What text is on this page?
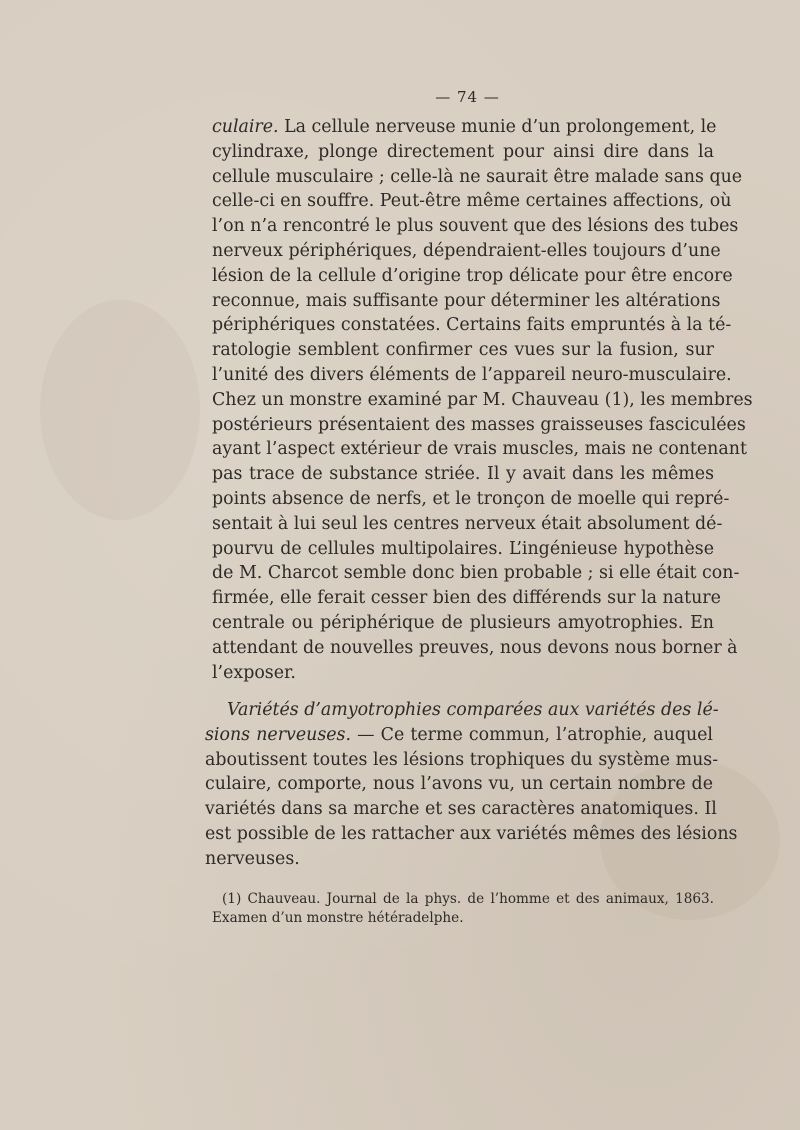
— 74 —
culaire. La cellule nerveuse munie d’un prolongement, le
cylindraxe, plonge directement pour ainsi dire dans la
cellule musculaire ; celle-là ne saurait être malade sans que
celle-ci en souffre. Peut-être même certaines affections, où
l’on n’a rencontré le plus souvent que des lésions des tubes
nerveux périphériques, dépendraient-elles toujours d’une
lésion de la cellule d’origine trop délicate pour être encore
reconnue, mais suffisante pour déterminer les altérations
périphériques constatées. Certains faits empruntés à la té-
ratologie semblent confirmer ces vues sur la fusion, sur
l’unité des divers éléments de l’appareil neuro-musculaire.
Chez un monstre examiné par M. Chauveau (1), les membres
postérieurs présentaient des masses graisseuses fasciculées
ayant l’aspect extérieur de vrais muscles, mais ne contenant
pas trace de substance striée. Il y avait dans les mêmes
points absence de nerfs, et le tronçon de moelle qui repré-
sentait à lui seul les centres nerveux était absolument dé-
pourvu de cellules multipolaires. L’ingénieuse hypothèse
de M. Charcot semble donc bien probable ; si elle était con-
firmée, elle ferait cesser bien des différends sur la nature
centrale ou périphérique de plusieurs amyotrophies. En
attendant de nouvelles preuves, nous devons nous borner à
l’exposer.
Variétés d’amyotrophies comparées aux variétés des lé-
sions nerveuses. — Ce terme commun, l’atrophie, auquel
aboutissent toutes les lésions trophiques du système mus-
culaire, comporte, nous l’avons vu, un certain nombre de
variétés dans sa marche et ses caractères anatomiques. Il
est possible de les rattacher aux variétés mêmes des lésions
nerveuses.
(1) Chauveau. Journal de la phys. de l’homme et des animaux, 1863.
Examen d’un monstre hétéradelphe.
